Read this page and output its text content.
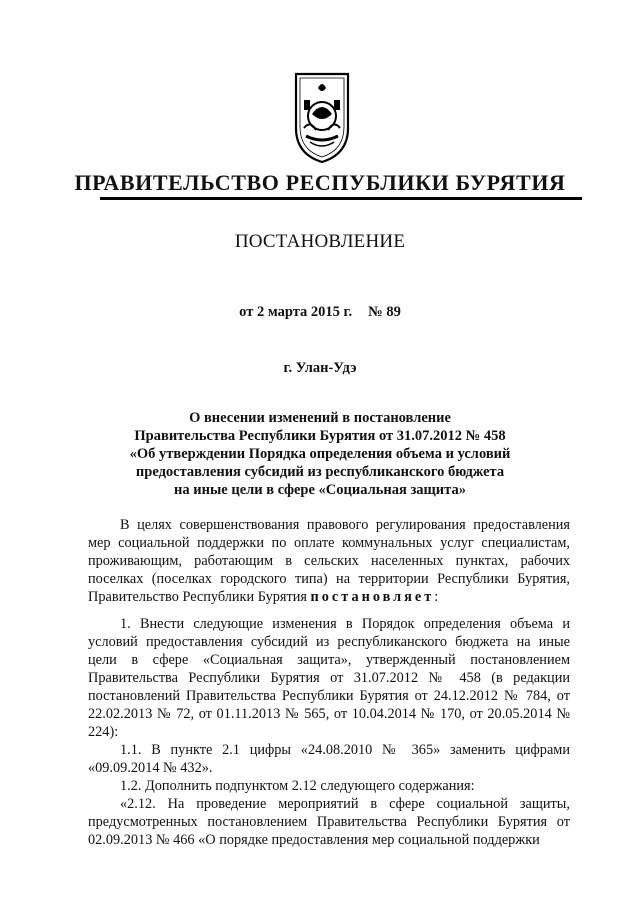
ПРАВИТЕЛЬСТВО РЕСПУБЛИКИ БУРЯТИЯ
ПОСТАНОВЛЕНИЕ
от 2 марта 2015 г. № 89
г. Улан-Удэ
О внесении изменений в постановление
Правительства Республики Бурятия от 31.07.2012 № 458
«Об утверждении Порядка определения объема и условий
предоставления субсидий из республиканского бюджета
на иные цели в сфере «Социальная защита»

В целях совершенствования правового регулирования предоставления мер социальной поддержки по оплате коммунальных услуг специалистам, проживающим, работающим в сельских населенных пунктах, рабочих поселках (поселках городского типа) на территории Республики Бурятия, Правительство Республики Бурятия постановляет:

1. Внести следующие изменения в Порядок определения объема и условий предоставления субсидий из республиканского бюджета на иные цели в сфере «Социальная защита», утвержденный постановлением Правительства Республики Бурятия от 31.07.2012 № 458 (в редакции постановлений Правительства Республики Бурятия от 24.12.2012 № 784, от 22.02.2013 № 72, от 01.11.2013 № 565, от 10.04.2014 № 170, от 20.05.2014 № 224):

1.1. В пункте 2.1 цифры «24.08.2010 № 365» заменить цифрами «09.09.2014 № 432».

1.2. Дополнить подпунктом 2.12 следующего содержания:

«2.12. На проведение мероприятий в сфере социальной защиты, предусмотренных постановлением Правительства Республики Бурятия от 02.09.2013 № 466 «О порядке предоставления мер социальной поддержки
